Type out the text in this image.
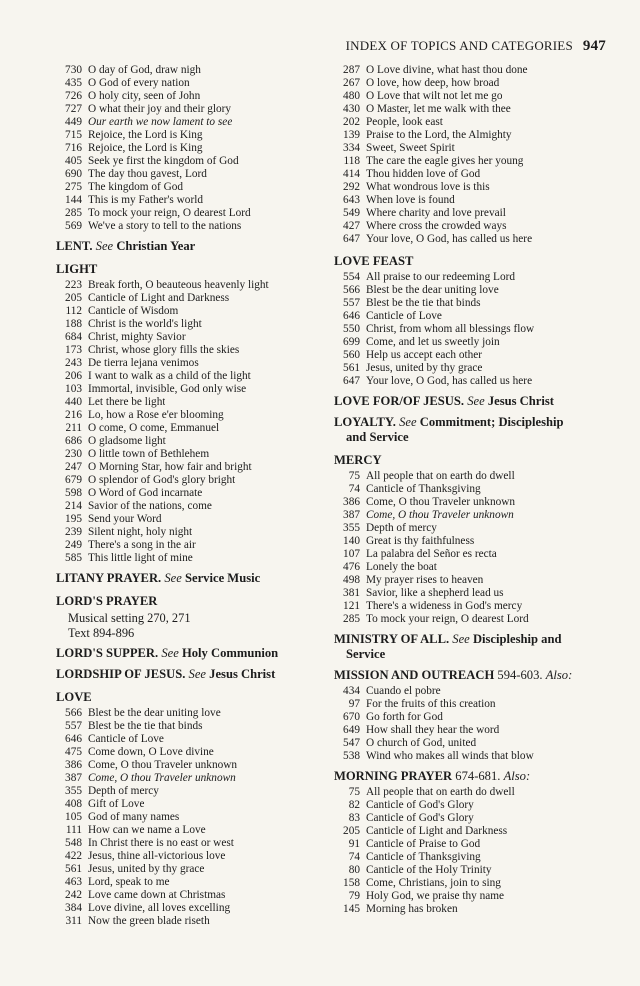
INDEX OF TOPICS AND CATEGORIES 947
730 O day of God, draw nigh
435 O God of every nation
726 O holy city, seen of John
727 O what their joy and their glory
449 Our earth we now lament to see
715 Rejoice, the Lord is King
716 Rejoice, the Lord is King
405 Seek ye first the kingdom of God
690 The day thou gavest, Lord
275 The kingdom of God
144 This is my Father's world
285 To mock your reign, O dearest Lord
569 We've a story to tell to the nations
LENT. See Christian Year
LIGHT
223 Break forth, O beauteous heavenly light
205 Canticle of Light and Darkness
112 Canticle of Wisdom
188 Christ is the world's light
684 Christ, mighty Savior
173 Christ, whose glory fills the skies
243 De tierra lejana venimos
206 I want to walk as a child of the light
103 Immortal, invisible, God only wise
440 Let there be light
216 Lo, how a Rose e'er blooming
211 O come, O come, Emmanuel
686 O gladsome light
230 O little town of Bethlehem
247 O Morning Star, how fair and bright
679 O splendor of God's glory bright
598 O Word of God incarnate
214 Savior of the nations, come
195 Send your Word
239 Silent night, holy night
249 There's a song in the air
585 This little light of mine
LITANY PRAYER. See Service Music
LORD'S PRAYER
Musical setting 270, 271
Text 894-896
LORD'S SUPPER. See Holy Communion
LORDSHIP OF JESUS. See Jesus Christ
LOVE
566 Blest be the dear uniting love
557 Blest be the tie that binds
646 Canticle of Love
475 Come down, O Love divine
386 Come, O thou Traveler unknown
387 Come, O thou Traveler unknown
355 Depth of mercy
408 Gift of Love
105 God of many names
111 How can we name a Love
548 In Christ there is no east or west
422 Jesus, thine all-victorious love
561 Jesus, united by thy grace
463 Lord, speak to me
242 Love came down at Christmas
384 Love divine, all loves excelling
311 Now the green blade riseth
287 O Love divine, what hast thou done
267 O love, how deep, how broad
480 O Love that wilt not let me go
430 O Master, let me walk with thee
202 People, look east
139 Praise to the Lord, the Almighty
334 Sweet, Sweet Spirit
118 The care the eagle gives her young
414 Thou hidden love of God
292 What wondrous love is this
643 When love is found
549 Where charity and love prevail
427 Where cross the crowded ways
647 Your love, O God, has called us here
LOVE FEAST
554 All praise to our redeeming Lord
566 Blest be the dear uniting love
557 Blest be the tie that binds
646 Canticle of Love
550 Christ, from whom all blessings flow
699 Come, and let us sweetly join
560 Help us accept each other
561 Jesus, united by thy grace
647 Your love, O God, has called us here
LOVE FOR/OF JESUS. See Jesus Christ
LOYALTY. See Commitment; Discipleship
and Service
MERCY
75 All people that on earth do dwell
74 Canticle of Thanksgiving
386 Come, O thou Traveler unknown
387 Come, O thou Traveler unknown
355 Depth of mercy
140 Great is thy faithfulness
107 La palabra del Señor es recta
476 Lonely the boat
498 My prayer rises to heaven
381 Savior, like a shepherd lead us
121 There's a wideness in God's mercy
285 To mock your reign, O dearest Lord
MINISTRY OF ALL. See Discipleship and
Service
MISSION AND OUTREACH 594-603. Also:
434 Cuando el pobre
97 For the fruits of this creation
670 Go forth for God
649 How shall they hear the word
547 O church of God, united
538 Wind who makes all winds that blow
MORNING PRAYER 674-681. Also:
75 All people that on earth do dwell
82 Canticle of God's Glory
83 Canticle of God's Glory
205 Canticle of Light and Darkness
91 Canticle of Praise to God
74 Canticle of Thanksgiving
80 Canticle of the Holy Trinity
158 Come, Christians, join to sing
79 Holy God, we praise thy name
145 Morning has broken
